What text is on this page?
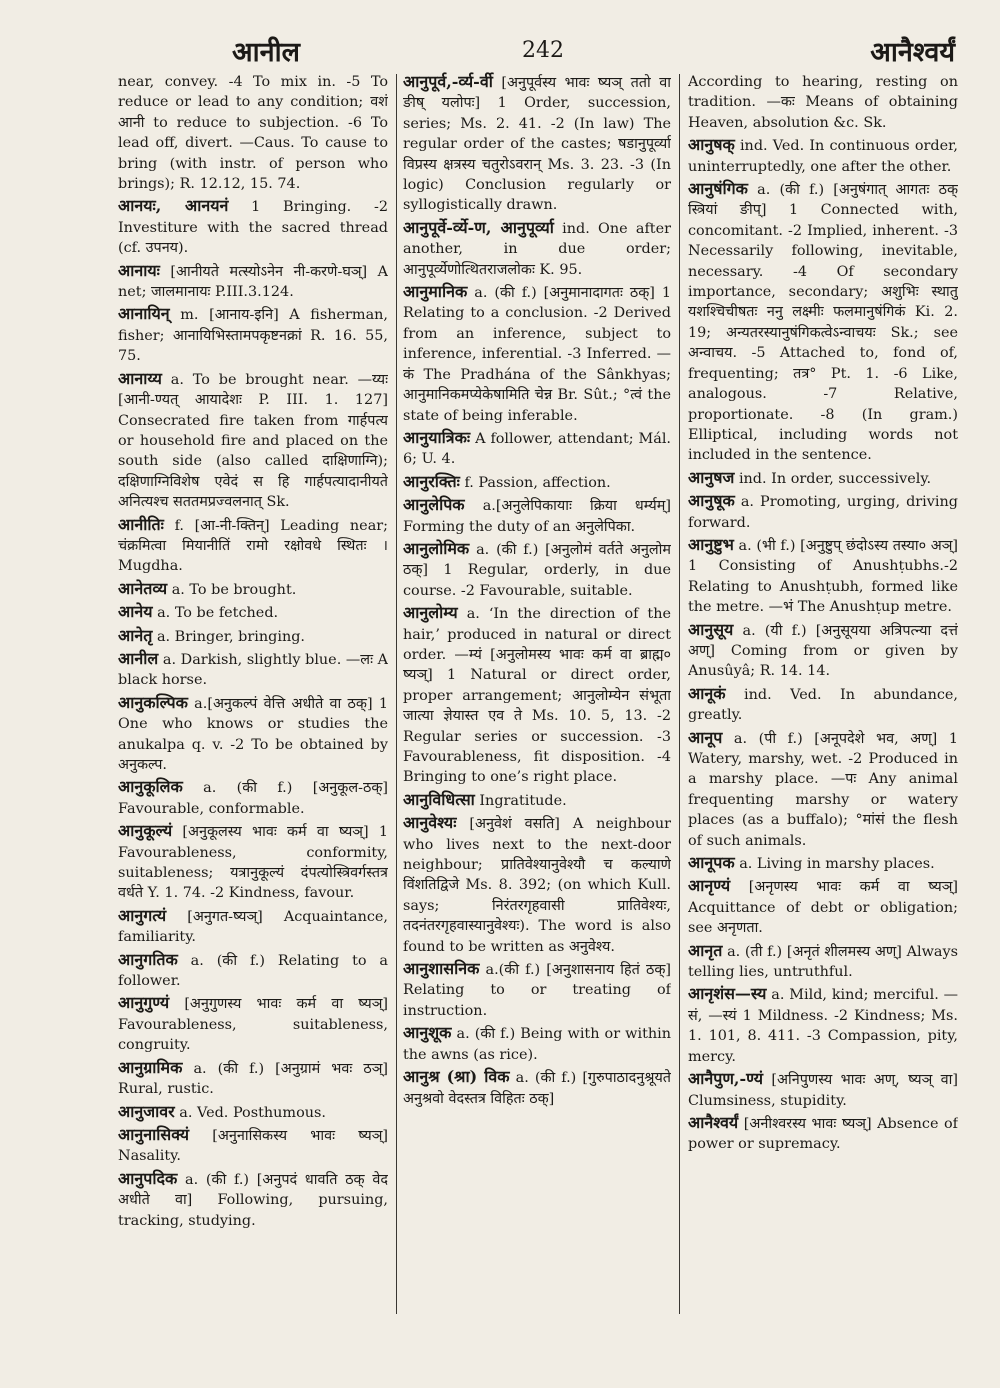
आनील	242	आनैश्वर्यं

near, convey. -4 To mix in. -5 To reduce or lead to any condition; वशं आनी to reduce to subjection. -6 To lead off, divert. —Caus. To cause to bring (with instr. of person who brings); R. 12.12, 15. 74.

आनयः, आनयनं 1 Bringing. -2 Investiture with the sacred thread (cf. उपनय).

आनायः [आनीयते मत्स्योऽनेन नी-करणे-घञ्] A net; जालमानायः P.III.3.124.

आनायिन् m. [आनाय-इनि] A fisherman, fisher; आनायिभिस्तामपकृष्टनक्रां R. 16. 55, 75.

आनाय्य a. To be brought near. —य्यः [आनी-ण्यत् आयादेशः P. III. 1. 127] Consecrated fire taken from गार्हपत्य or household fire and placed on the south side (also called दाक्षिणाग्नि); दक्षिणाग्निविशेष एवेदं स हि गार्हपत्यादानीयते अनित्यश्च सततमप्रज्वलनात् Sk.

आनीतिः f. [आ-नी-क्तिन्] Leading near; चंक्रमित्वा मियानीतिं रामो रक्षोवधे स्थितः । Mugdha.

आनेतव्य a. To be brought.

आनेय a. To be fetched.

आनेतृ a. Bringer, bringing.

आनील a. Darkish, slightly blue. —लः A black horse.

आनुकल्पिक a.[अनुकल्पं वेत्ति अधीते वा ठक्] 1 One who knows or studies the anukalpa q. v. -2 To be obtained by अनुकल्प.

आनुकूलिक a. (की f.) [अनुकूल-ठक्] Favourable, conformable.

आनुकूल्यं [अनुकूलस्य भावः कर्म वा ष्यञ्] 1 Favourableness, conformity, suitableness; यत्रानुकूल्यं दंपत्योस्त्रिवर्गस्तत्र वर्धते Y. 1. 74. -2 Kindness, favour.

आनुगत्यं [अनुगत-ष्यञ्] Acquaintance, familiarity.

आनुगतिक a. (की f.) Relating to a follower.

आनुगुण्यं [अनुगुणस्य भावः कर्म वा ष्यञ्] Favourableness, suitableness, congruity.

आनुग्रामिक a. (की f.) [अनुग्रामं भवः ठञ्] Rural, rustic.

आनुजावर a. Ved. Posthumous.

आनुनासिक्यं [अनुनासिकस्य भावः ष्यञ्] Nasality.

आनुपदिक a. (की f.) [अनुपदं धावति ठक् वेद अधीते वा] Following, pursuing, tracking, studying.

आनुपूर्व,-र्व्य-र्वी [अनुपूर्वस्य भावः ष्यञ् ततो वा ङीष् यलोपः] 1 Order, succession, series; Ms. 2. 41. -2 (In law) The regular order of the castes; षडानुपूर्व्या विप्रस्य क्षत्रस्य चतुरोऽवरान् Ms. 3. 23. -3 (In logic) Conclusion regularly or syllogistically drawn.

आनुपूर्वे-र्व्ये-ण, आनुपूर्व्या ind. One after another, in due order; आनुपूर्व्येणोत्थितराजलोकः K. 95.

आनुमानिक a. (की f.) [अनुमानादागतः ठक्] 1 Relating to a conclusion. -2 Derived from an inference, subject to inference, inferential. -3 Inferred. —कं The Pradhána of the Sânkhyas; आनुमानिकमप्येकेषामिति चेन्न Br. Sût.; °त्वं the state of being inferable.

आनुयात्रिकः A follower, attendant; Mál. 6; U. 4.

आनुरक्तिः f. Passion, affection.

आनुलेपिक a.[अनुलेपिकायाः क्रिया धर्म्यम्] Forming the duty of an अनुलेपिका.

आनुलोमिक a. (की f.) [अनुलोमं वर्तते अनुलोम ठक्] 1 Regular, orderly, in due course. -2 Favourable, suitable.

आनुलोम्य a. ‘In the direction of the hair,’ produced in natural or direct order. —म्यं [अनुलोमस्य भावः कर्म वा ब्राह्म० ष्यञ्] 1 Natural or direct order, proper arrangement; आनुलोम्येन संभूता जात्या ज्ञेयास्त एव ते Ms. 10. 5, 13. -2 Regular series or succession. -3 Favourableness, fit disposition. -4 Bringing to one’s right place.

आनुविधित्सा Ingratitude.

आनुवेश्यः [अनुवेशं वसति] A neighbour who lives next to the next-door neighbour; प्रातिवेश्यानुवेश्यौ च कल्याणे विंशतिद्विजे Ms. 8. 392; (on which Kull. says; निरंतरगृहवासी प्रातिवेश्यः, तदनंतरगृहवास्यानुवेश्यः). The word is also found to be written as अनुवेश्य.

आनुशासनिक a.(की f.) [अनुशासनाय हितं ठक्] Relating to or treating of instruction.

आनुशूक a. (की f.) Being with or within the awns (as rice).

आनुश्र (श्रा) विक a. (की f.) [गुरुपाठादनुश्रूयते अनुश्रवो वेदस्तत्र विहितः ठक्]

According to hearing, resting on tradition. —कः Means of obtaining Heaven, absolution &c. Sk.

आनुषक् ind. Ved. In continuous order, uninterruptedly, one after the other.

आनुषंगिक a. (की f.) [अनुषंगात् आगतः ठक् स्त्रियां ङीप्] 1 Connected with, concomitant. -2 Implied, inherent. -3 Necessarily following, inevitable, necessary. -4 Of secondary importance, secondary; अशुभिः स्थातु यशश्चिचीषतः ननु लक्ष्मीः फलमानुषंगिकं Ki. 2. 19; अन्यतरस्यानुषंगिकत्वेऽन्वाचयः Sk.; see अन्वाचय. -5 Attached to, fond of, frequenting; तत्र° Pt. 1. -6 Like, analogous. -7 Relative, proportionate. -8 (In gram.) Elliptical, including words not included in the sentence.

आनुषज ind. In order, successively.

आनुषूक a. Promoting, urging, driving forward.

आनुष्टुभ a. (भी f.) [अनुष्टुप् छंदोऽस्य तस्या० अञ्] 1 Consisting of Anushṭubhs.-2 Relating to Anushṭubh, formed like the metre. —भं The Anushṭup metre.

आनुसूय a. (यी f.) [अनुसूयया अत्रिपत्न्या दत्तं अण्] Coming from or given by Anusûyâ; R. 14. 14.

आनूकं ind. Ved. In abundance, greatly.

आनूप a. (पी f.) [अनूपदेशे भव, अण्] 1 Watery, marshy, wet. -2 Produced in a marshy place. —पः Any animal frequenting marshy or watery places (as a buffalo); °मांसं the flesh of such animals.

आनूपक a. Living in marshy places.

आनृण्यं [अनृणस्य भावः कर्म वा ष्यञ्] Acquittance of debt or obligation; see अनृणता.

आनृत a. (ती f.) [अनृतं शीलमस्य अण्] Always telling lies, untruthful.

आनृशंस—स्य a. Mild, kind; merciful. —सं, —स्यं 1 Mildness. -2 Kindness; Ms. 1. 101, 8. 411. -3 Compassion, pity, mercy.

आनैपुण,-ण्यं [अनिपुणस्य भावः अण्, ष्यञ् वा] Clumsiness, stupidity.

आनैश्वर्यं [अनीश्वरस्य भावः ष्यञ्] Absence of power or supremacy.
